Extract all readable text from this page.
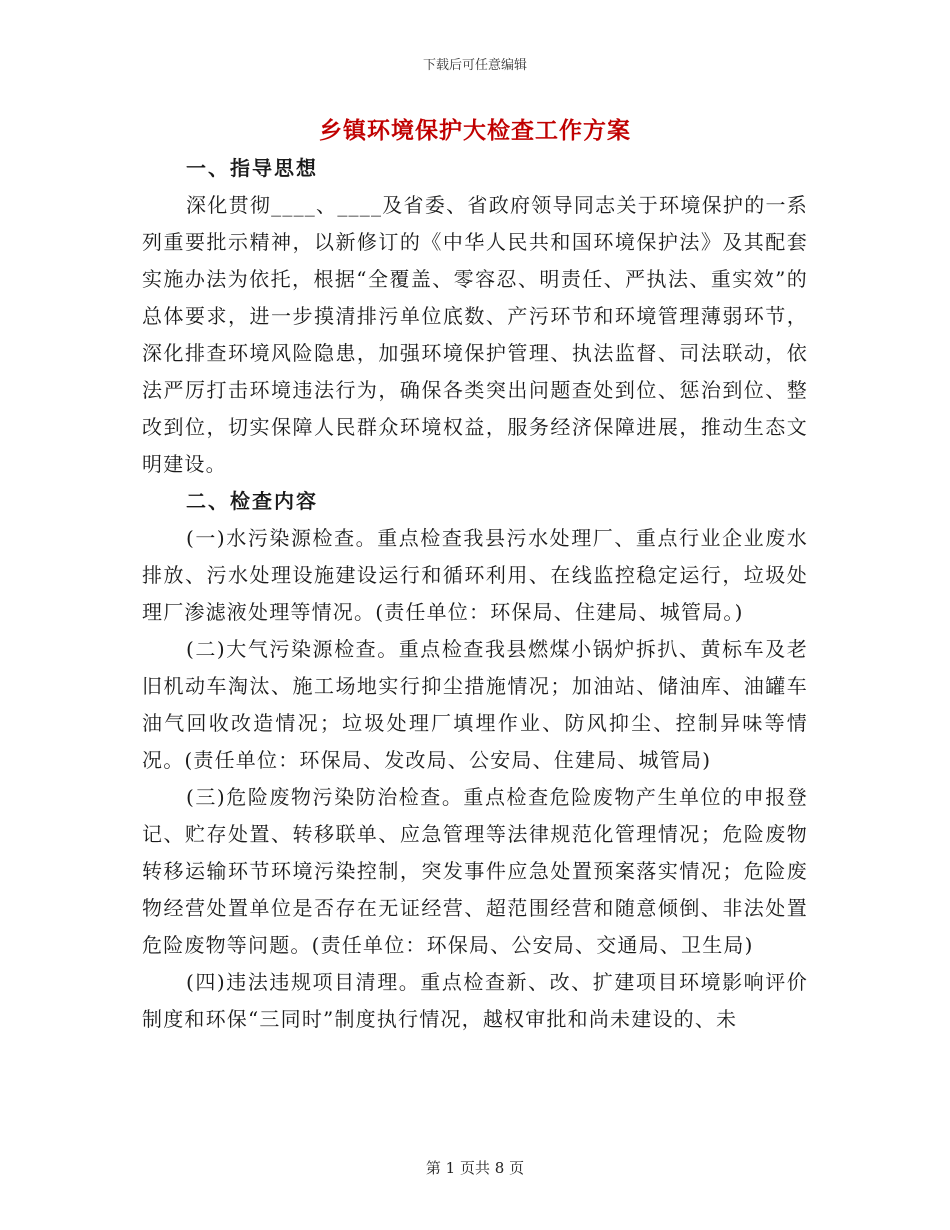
下载后可任意编辑
乡镇环境保护大检查工作方案

一、指导思想

深化贯彻____、____及省委、省政府领导同志关于环境保护的一系列重要批示精神，以新修订的《中华人民共和国环境保护法》及其配套实施办法为依托，根据“全覆盖、零容忍、明责任、严执法、重实效”的总体要求，进一步摸清排污单位底数、产污环节和环境管理薄弱环节，深化排查环境风险隐患，加强环境保护管理、执法监督、司法联动，依法严厉打击环境违法行为，确保各类突出问题查处到位、惩治到位、整改到位，切实保障人民群众环境权益，服务经济保障进展，推动生态文明建设。

二、检查内容

(一)水污染源检查。重点检查我县污水处理厂、重点行业企业废水排放、污水处理设施建设运行和循环利用、在线监控稳定运行，垃圾处理厂渗滤液处理等情况。(责任单位：环保局、住建局、城管局。)

(二)大气污染源检查。重点检查我县燃煤小锅炉拆扒、黄标车及老旧机动车淘汰、施工场地实行抑尘措施情况；加油站、储油库、油罐车油气回收改造情况；垃圾处理厂填埋作业、防风抑尘、控制异味等情况。(责任单位：环保局、发改局、公安局、住建局、城管局)

(三)危险废物污染防治检查。重点检查危险废物产生单位的申报登记、贮存处置、转移联单、应急管理等法律规范化管理情况；危险废物转移运输环节环境污染控制，突发事件应急处置预案落实情况；危险废物经营处置单位是否存在无证经营、超范围经营和随意倾倒、非法处置危险废物等问题。(责任单位：环保局、公安局、交通局、卫生局)

(四)违法违规项目清理。重点检查新、改、扩建项目环境影响评价制度和环保“三同时”制度执行情况，越权审批和尚未建设的、未

第 1 页共 8 页
